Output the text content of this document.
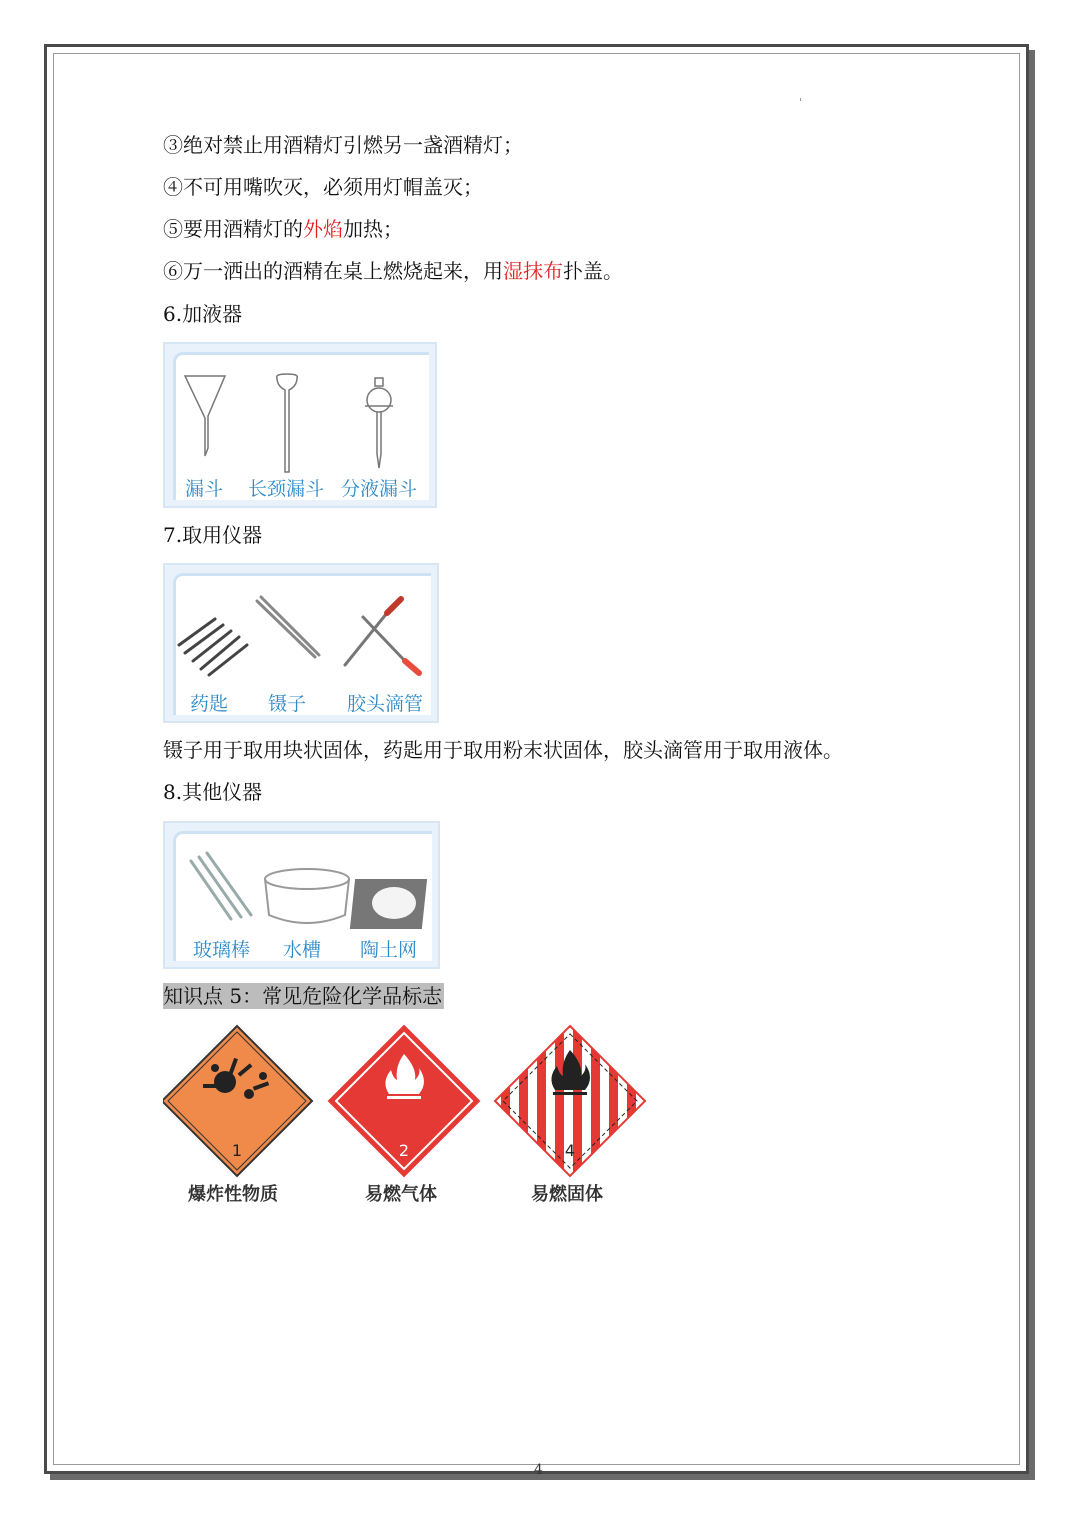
③绝对禁止用酒精灯引燃另一盏酒精灯；
④不可用嘴吹灭，必须用灯帽盖灭；
⑤要用酒精灯的外焰加热；
⑥万一洒出的酒精在桌上燃烧起来，用湿抹布扑盖。
6.加液器
漏斗 长颈漏斗 分液漏斗
7.取用仪器
药匙 镊子 胶头滴管
镊子用于取用块状固体，药匙用于取用粉末状固体，胶头滴管用于取用液体。
8.其他仪器
玻璃棒 水槽 陶土网
知识点 5：常见危险化学品标志
1	2	4
爆炸性物质	易燃气体	易燃固体
4
